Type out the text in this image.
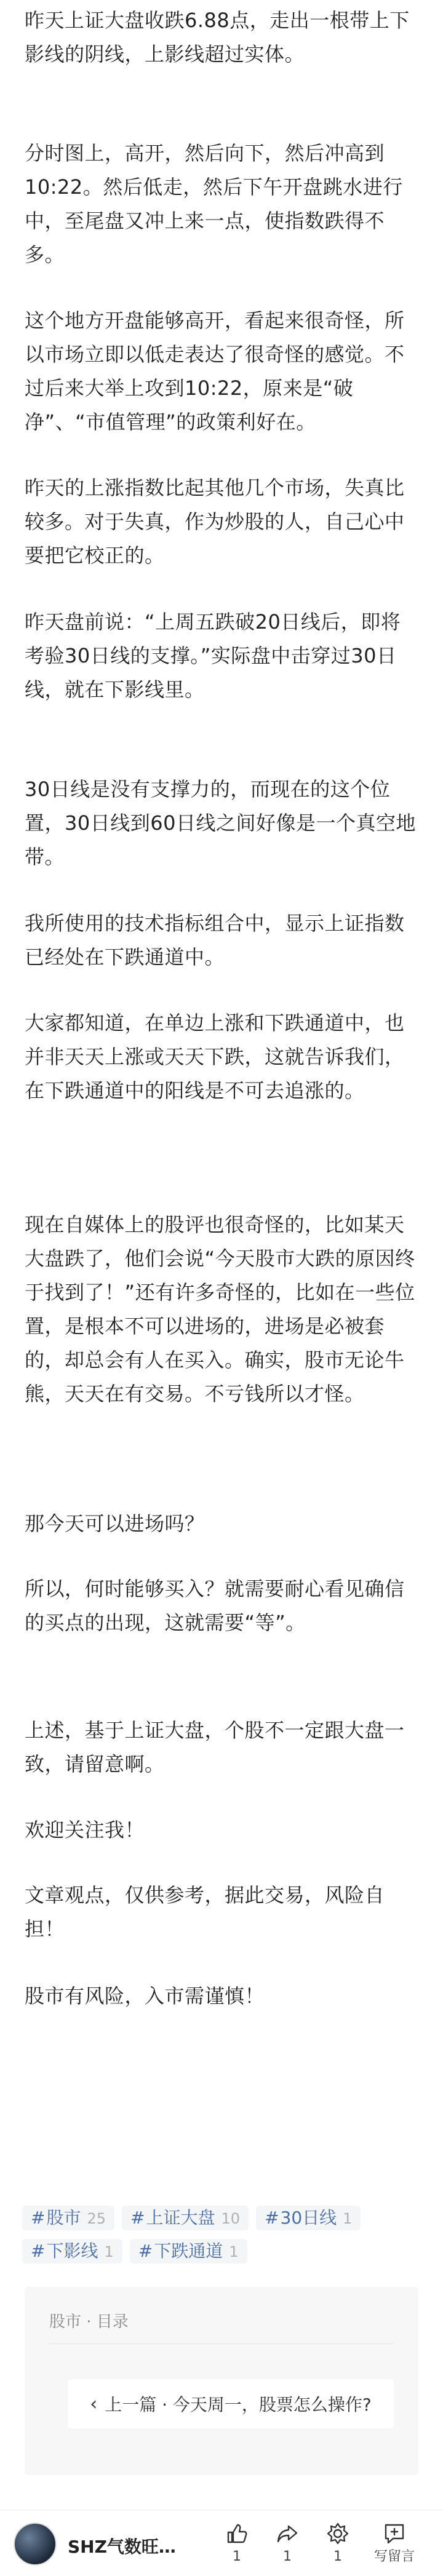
昨天上证大盘收跌6.88点，走出一根带上下影线的阴线，上影线超过实体。
分时图上，高开，然后向下，然后冲高到10:22。然后低走，然后下午开盘跳水进行中，至尾盘又冲上来一点，使指数跌得不多。
这个地方开盘能够高开，看起来很奇怪，所以市场立即以低走表达了很奇怪的感觉。不过后来大举上攻到10:22，原来是“破净”、“市值管理”的政策利好在。
昨天的上涨指数比起其他几个市场，失真比较多。对于失真，作为炒股的人，自己心中要把它校正的。
昨天盘前说：“上周五跌破20日线后，即将考验30日线的支撑。”实际盘中击穿过30日线，就在下影线里。
30日线是没有支撑力的，而现在的这个位置，30日线到60日线之间好像是一个真空地带。
我所使用的技术指标组合中，显示上证指数已经处在下跌通道中。
大家都知道，在单边上涨和下跌通道中，也并非天天上涨或天天下跌，这就告诉我们，在下跌通道中的阳线是不可去追涨的。
现在自媒体上的股评也很奇怪的，比如某天大盘跌了，他们会说“今天股市大跌的原因终于找到了！”还有许多奇怪的，比如在一些位置，是根本不可以进场的，进场是必被套的，却总会有人在买入。确实，股市无论牛熊，天天在有交易。不亏钱所以才怪。
那今天可以进场吗？
所以，何时能够买入？就需要耐心看见确信的买点的出现，这就需要“等”。
上述，基于上证大盘，个股不一定跟大盘一致，请留意啊。
欢迎关注我！
文章观点，仅供参考，据此交易，风险自担！
股市有风险，入市需谨慎！
# 股市 25 # 上证大盘 10 # 30日线 1
# 下影线 1 # 下跌通道 1
股市 · 目录
‹ 上一篇 · 今天周一，股票怎么操作?
SHZ气数旺…	1	1	1	写留言
